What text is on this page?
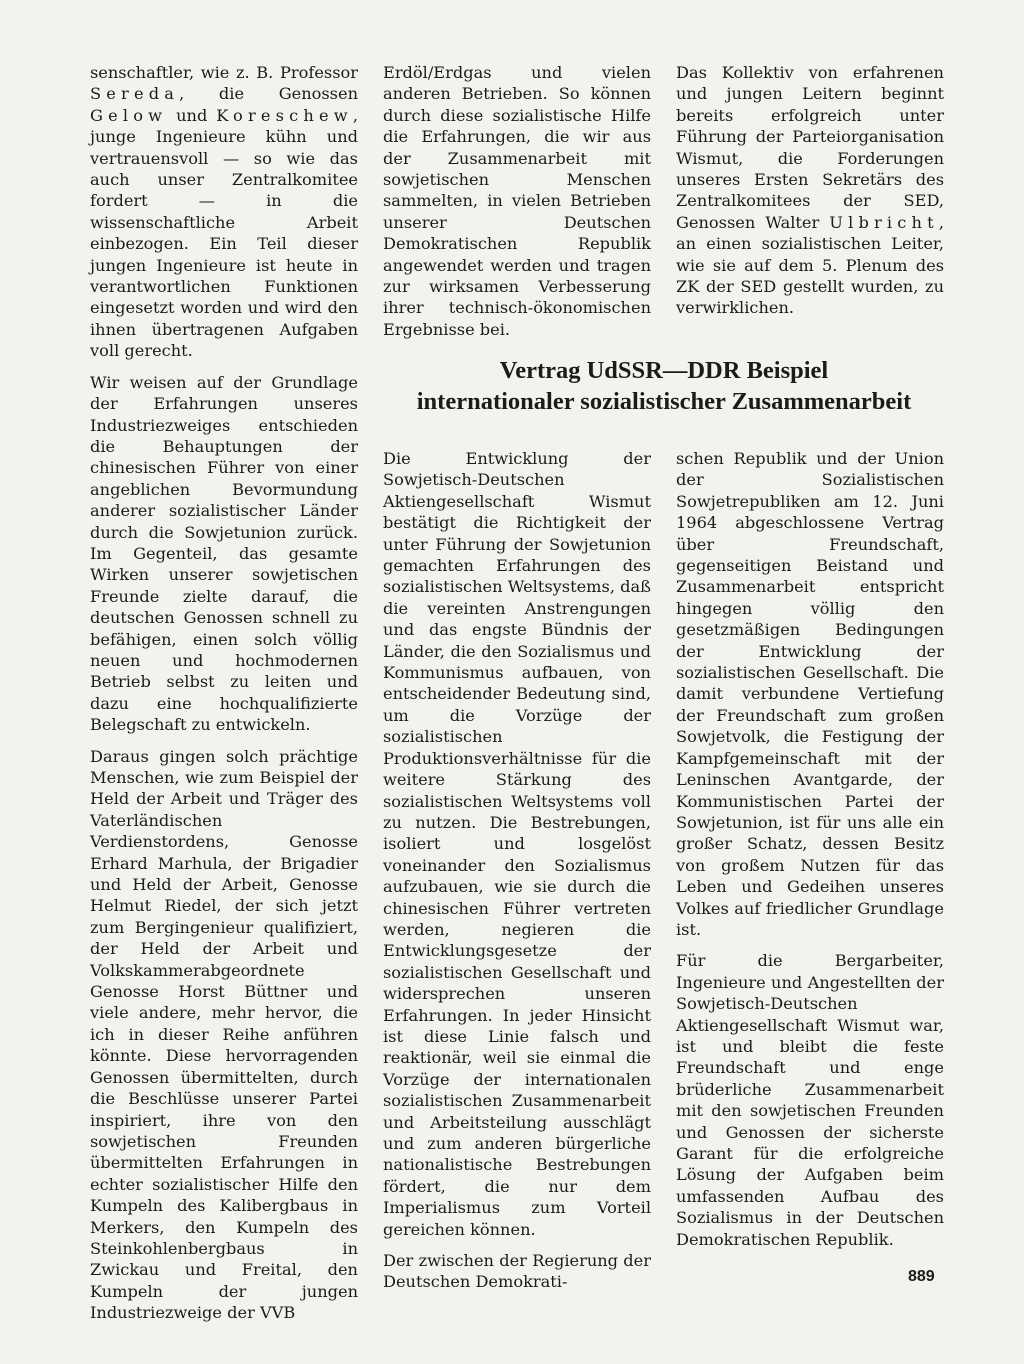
senschaftler, wie z. B. Professor Sereda, die Genossen Gelow und Koreschew, junge Ingenieure kühn und vertrauensvoll — so wie das auch unser Zentralkomitee fordert — in die wissenschaftliche Arbeit einbezogen. Ein Teil dieser jungen Ingenieure ist heute in verantwortlichen Funktionen eingesetzt worden und wird den ihnen übertragenen Aufgaben voll gerecht.

Wir weisen auf der Grundlage der Erfahrungen unseres Industriezweiges entschieden die Behauptungen der chinesischen Führer von einer angeblichen Bevormundung anderer sozialistischer Länder durch die Sowjetunion zurück. Im Gegenteil, das gesamte Wirken unserer sowjetischen Freunde zielte darauf, die deutschen Genossen schnell zu befähigen, einen solch völlig neuen und hochmodernen Betrieb selbst zu leiten und dazu eine hochqualifizierte Belegschaft zu entwickeln.

Daraus gingen solch prächtige Menschen, wie zum Beispiel der Held der Arbeit und Träger des Vaterländischen Verdienstordens, Genosse Erhard Marhula, der Brigadier und Held der Arbeit, Genosse Helmut Riedel, der sich jetzt zum Bergingenieur qualifiziert, der Held der Arbeit und Volkskammerabgeordnete Genosse Horst Büttner und viele andere, mehr hervor, die ich in dieser Reihe anführen könnte. Diese hervorragenden Genossen übermittelten, durch die Beschlüsse unserer Partei inspiriert, ihre von den sowjetischen Freunden übermittelten Erfahrungen in echter sozialistischer Hilfe den Kumpeln des Kalibergbaus in Merkers, den Kumpeln des Steinkohlenbergbaus in Zwickau und Freital, den Kumpeln der jungen Industriezweige der VVB

Erdöl/Erdgas und vielen anderen Betrieben. So können durch diese sozialistische Hilfe die Erfahrungen, die wir aus der Zusammenarbeit mit sowjetischen Menschen sammelten, in vielen Betrieben unserer Deutschen Demokratischen Republik angewendet werden und tragen zur wirksamen Verbesserung ihrer technisch-ökonomischen Ergebnisse bei.

Das Kollektiv von erfahrenen und jungen Leitern beginnt bereits erfolgreich unter Führung der Parteiorganisation Wismut, die Forderungen unseres Ersten Sekretärs des Zentralkomitees der SED, Genossen Walter Ulbricht, an einen sozialistischen Leiter, wie sie auf dem 5. Plenum des ZK der SED gestellt wurden, zu verwirklichen.

Vertrag UdSSR—DDR Beispiel
internationaler sozialistischer Zusammenarbeit

Die Entwicklung der Sowjetisch-Deutschen Aktiengesellschaft Wismut bestätigt die Richtigkeit der unter Führung der Sowjetunion gemachten Erfahrungen des sozialistischen Weltsystems, daß die vereinten Anstrengungen und das engste Bündnis der Länder, die den Sozialismus und Kommunismus aufbauen, von entscheidender Bedeutung sind, um die Vorzüge der sozialistischen Produktionsverhältnisse für die weitere Stärkung des sozialistischen Weltsystems voll zu nutzen. Die Bestrebungen, isoliert und losgelöst voneinander den Sozialismus aufzubauen, wie sie durch die chinesischen Führer vertreten werden, negieren die Entwicklungsgesetze der sozialistischen Gesellschaft und widersprechen unseren Erfahrungen. In jeder Hinsicht ist diese Linie falsch und reaktionär, weil sie einmal die Vorzüge der internationalen sozialistischen Zusammenarbeit und Arbeitsteilung ausschlägt und zum anderen bürgerliche nationalistische Bestrebungen fördert, die nur dem Imperialismus zum Vorteil gereichen können.

Der zwischen der Regierung der Deutschen Demokrati-

schen Republik und der Union der Sozialistischen Sowjetrepubliken am 12. Juni 1964 abgeschlossene Vertrag über Freundschaft, gegenseitigen Beistand und Zusammenarbeit entspricht hingegen völlig den gesetzmäßigen Bedingungen der Entwicklung der sozialistischen Gesellschaft. Die damit verbundene Vertiefung der Freundschaft zum großen Sowjetvolk, die Festigung der Kampfgemeinschaft mit der Leninschen Avantgarde, der Kommunistischen Partei der Sowjetunion, ist für uns alle ein großer Schatz, dessen Besitz von großem Nutzen für das Leben und Gedeihen unseres Volkes auf friedlicher Grundlage ist.

Für die Bergarbeiter, Ingenieure und Angestellten der Sowjetisch-Deutschen Aktiengesellschaft Wismut war, ist und bleibt die feste Freundschaft und enge brüderliche Zusammenarbeit mit den sowjetischen Freunden und Genossen der sicherste Garant für die erfolgreiche Lösung der Aufgaben beim umfassenden Aufbau des Sozialismus in der Deutschen Demokratischen Republik.

889
